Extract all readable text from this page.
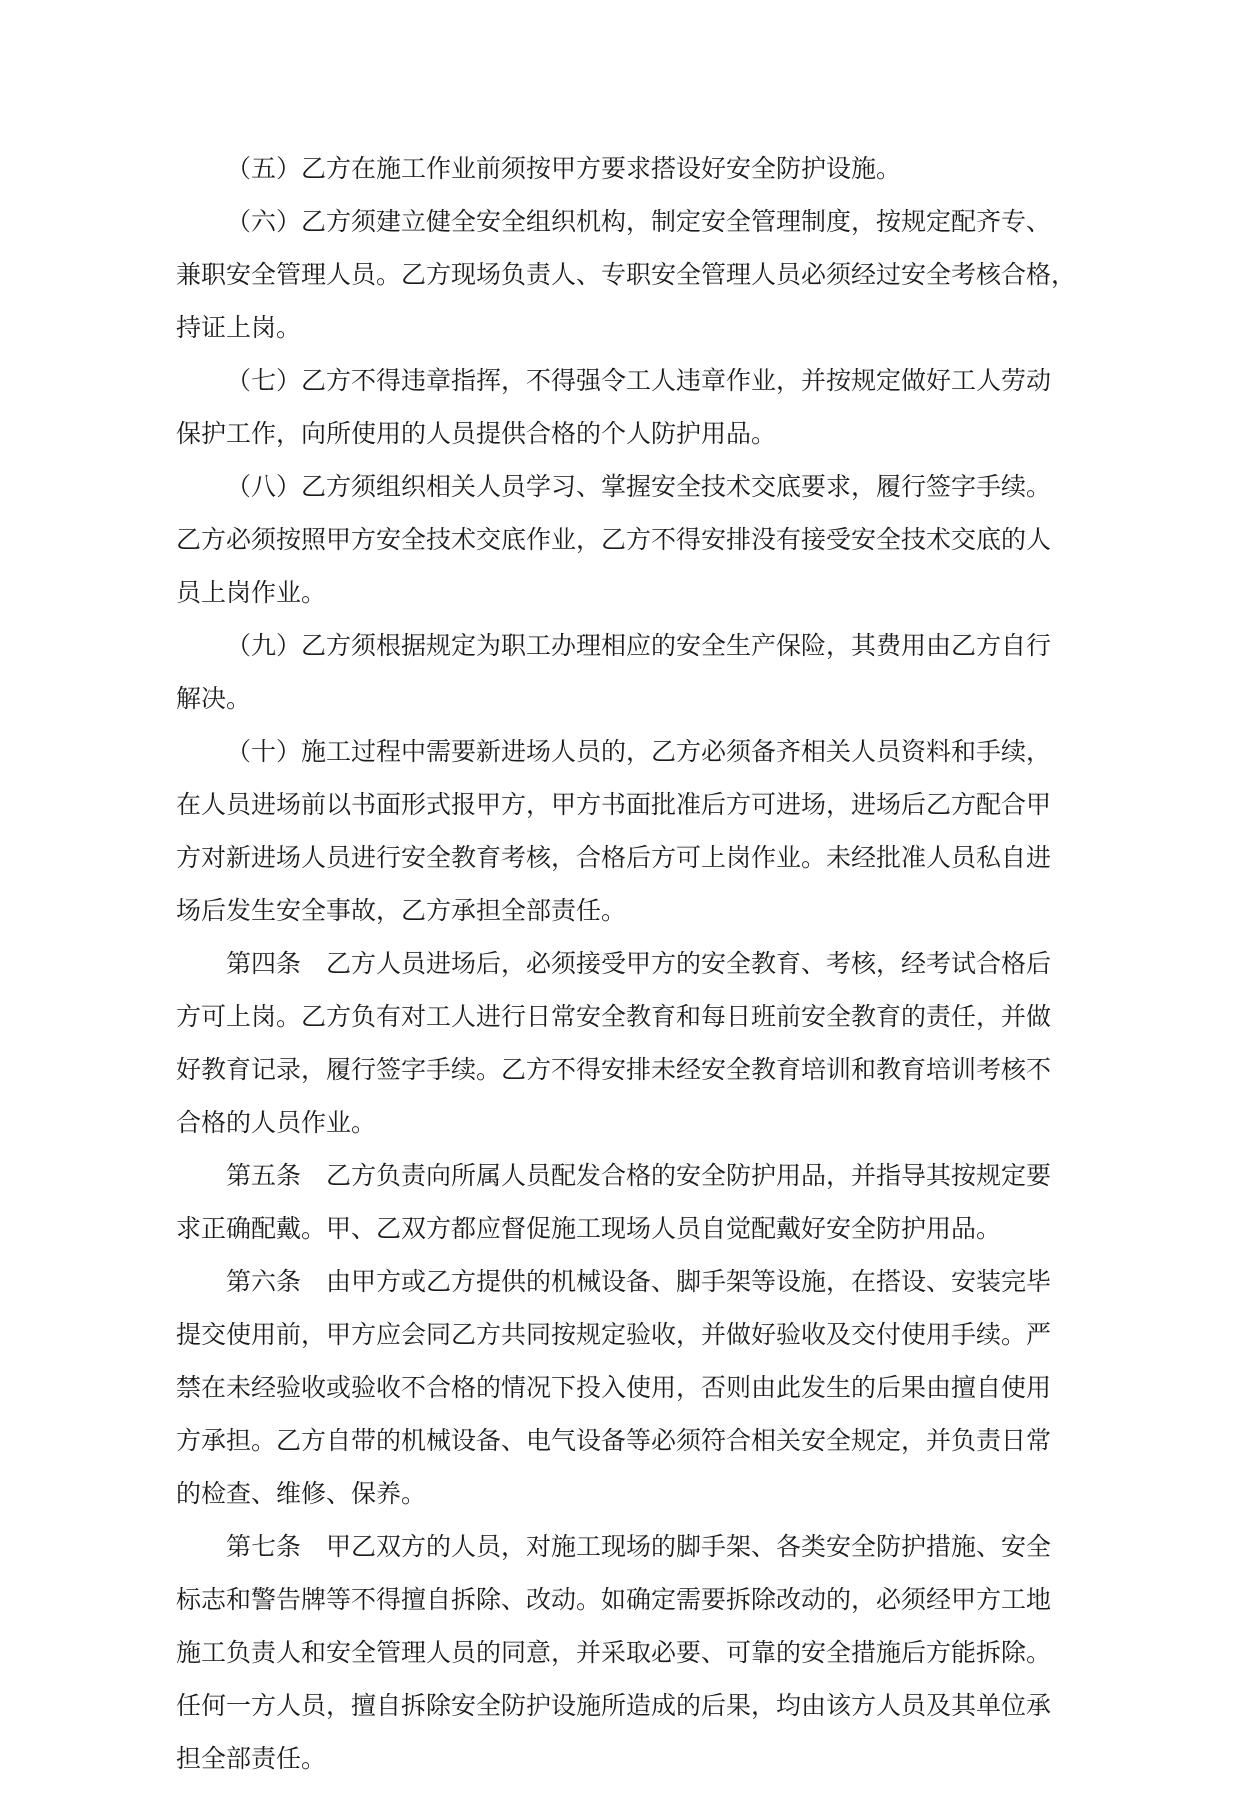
（五）乙方在施工作业前须按甲方要求搭设好安全防护设施。
（六）乙方须建立健全安全组织机构，制定安全管理制度，按规定配齐专、
兼职安全管理人员。乙方现场负责人、专职安全管理人员必须经过安全考核合格，
持证上岗。
（七）乙方不得违章指挥，不得强令工人违章作业，并按规定做好工人劳动
保护工作，向所使用的人员提供合格的个人防护用品。
（八）乙方须组织相关人员学习、掌握安全技术交底要求，履行签字手续。
乙方必须按照甲方安全技术交底作业，乙方不得安排没有接受安全技术交底的人
员上岗作业。
（九）乙方须根据规定为职工办理相应的安全生产保险，其费用由乙方自行
解决。
（十）施工过程中需要新进场人员的，乙方必须备齐相关人员资料和手续，
在人员进场前以书面形式报甲方，甲方书面批准后方可进场，进场后乙方配合甲
方对新进场人员进行安全教育考核，合格后方可上岗作业。未经批准人员私自进
场后发生安全事故，乙方承担全部责任。
第四条　乙方人员进场后，必须接受甲方的安全教育、考核，经考试合格后
方可上岗。乙方负有对工人进行日常安全教育和每日班前安全教育的责任，并做
好教育记录，履行签字手续。乙方不得安排未经安全教育培训和教育培训考核不
合格的人员作业。
第五条　乙方负责向所属人员配发合格的安全防护用品，并指导其按规定要
求正确配戴。甲、乙双方都应督促施工现场人员自觉配戴好安全防护用品。
第六条　由甲方或乙方提供的机械设备、脚手架等设施，在搭设、安装完毕
提交使用前，甲方应会同乙方共同按规定验收，并做好验收及交付使用手续。严
禁在未经验收或验收不合格的情况下投入使用，否则由此发生的后果由擅自使用
方承担。乙方自带的机械设备、电气设备等必须符合相关安全规定，并负责日常
的检查、维修、保养。
第七条　甲乙双方的人员，对施工现场的脚手架、各类安全防护措施、安全
标志和警告牌等不得擅自拆除、改动。如确定需要拆除改动的，必须经甲方工地
施工负责人和安全管理人员的同意，并采取必要、可靠的安全措施后方能拆除。
任何一方人员，擅自拆除安全防护设施所造成的后果，均由该方人员及其单位承
担全部责任。
